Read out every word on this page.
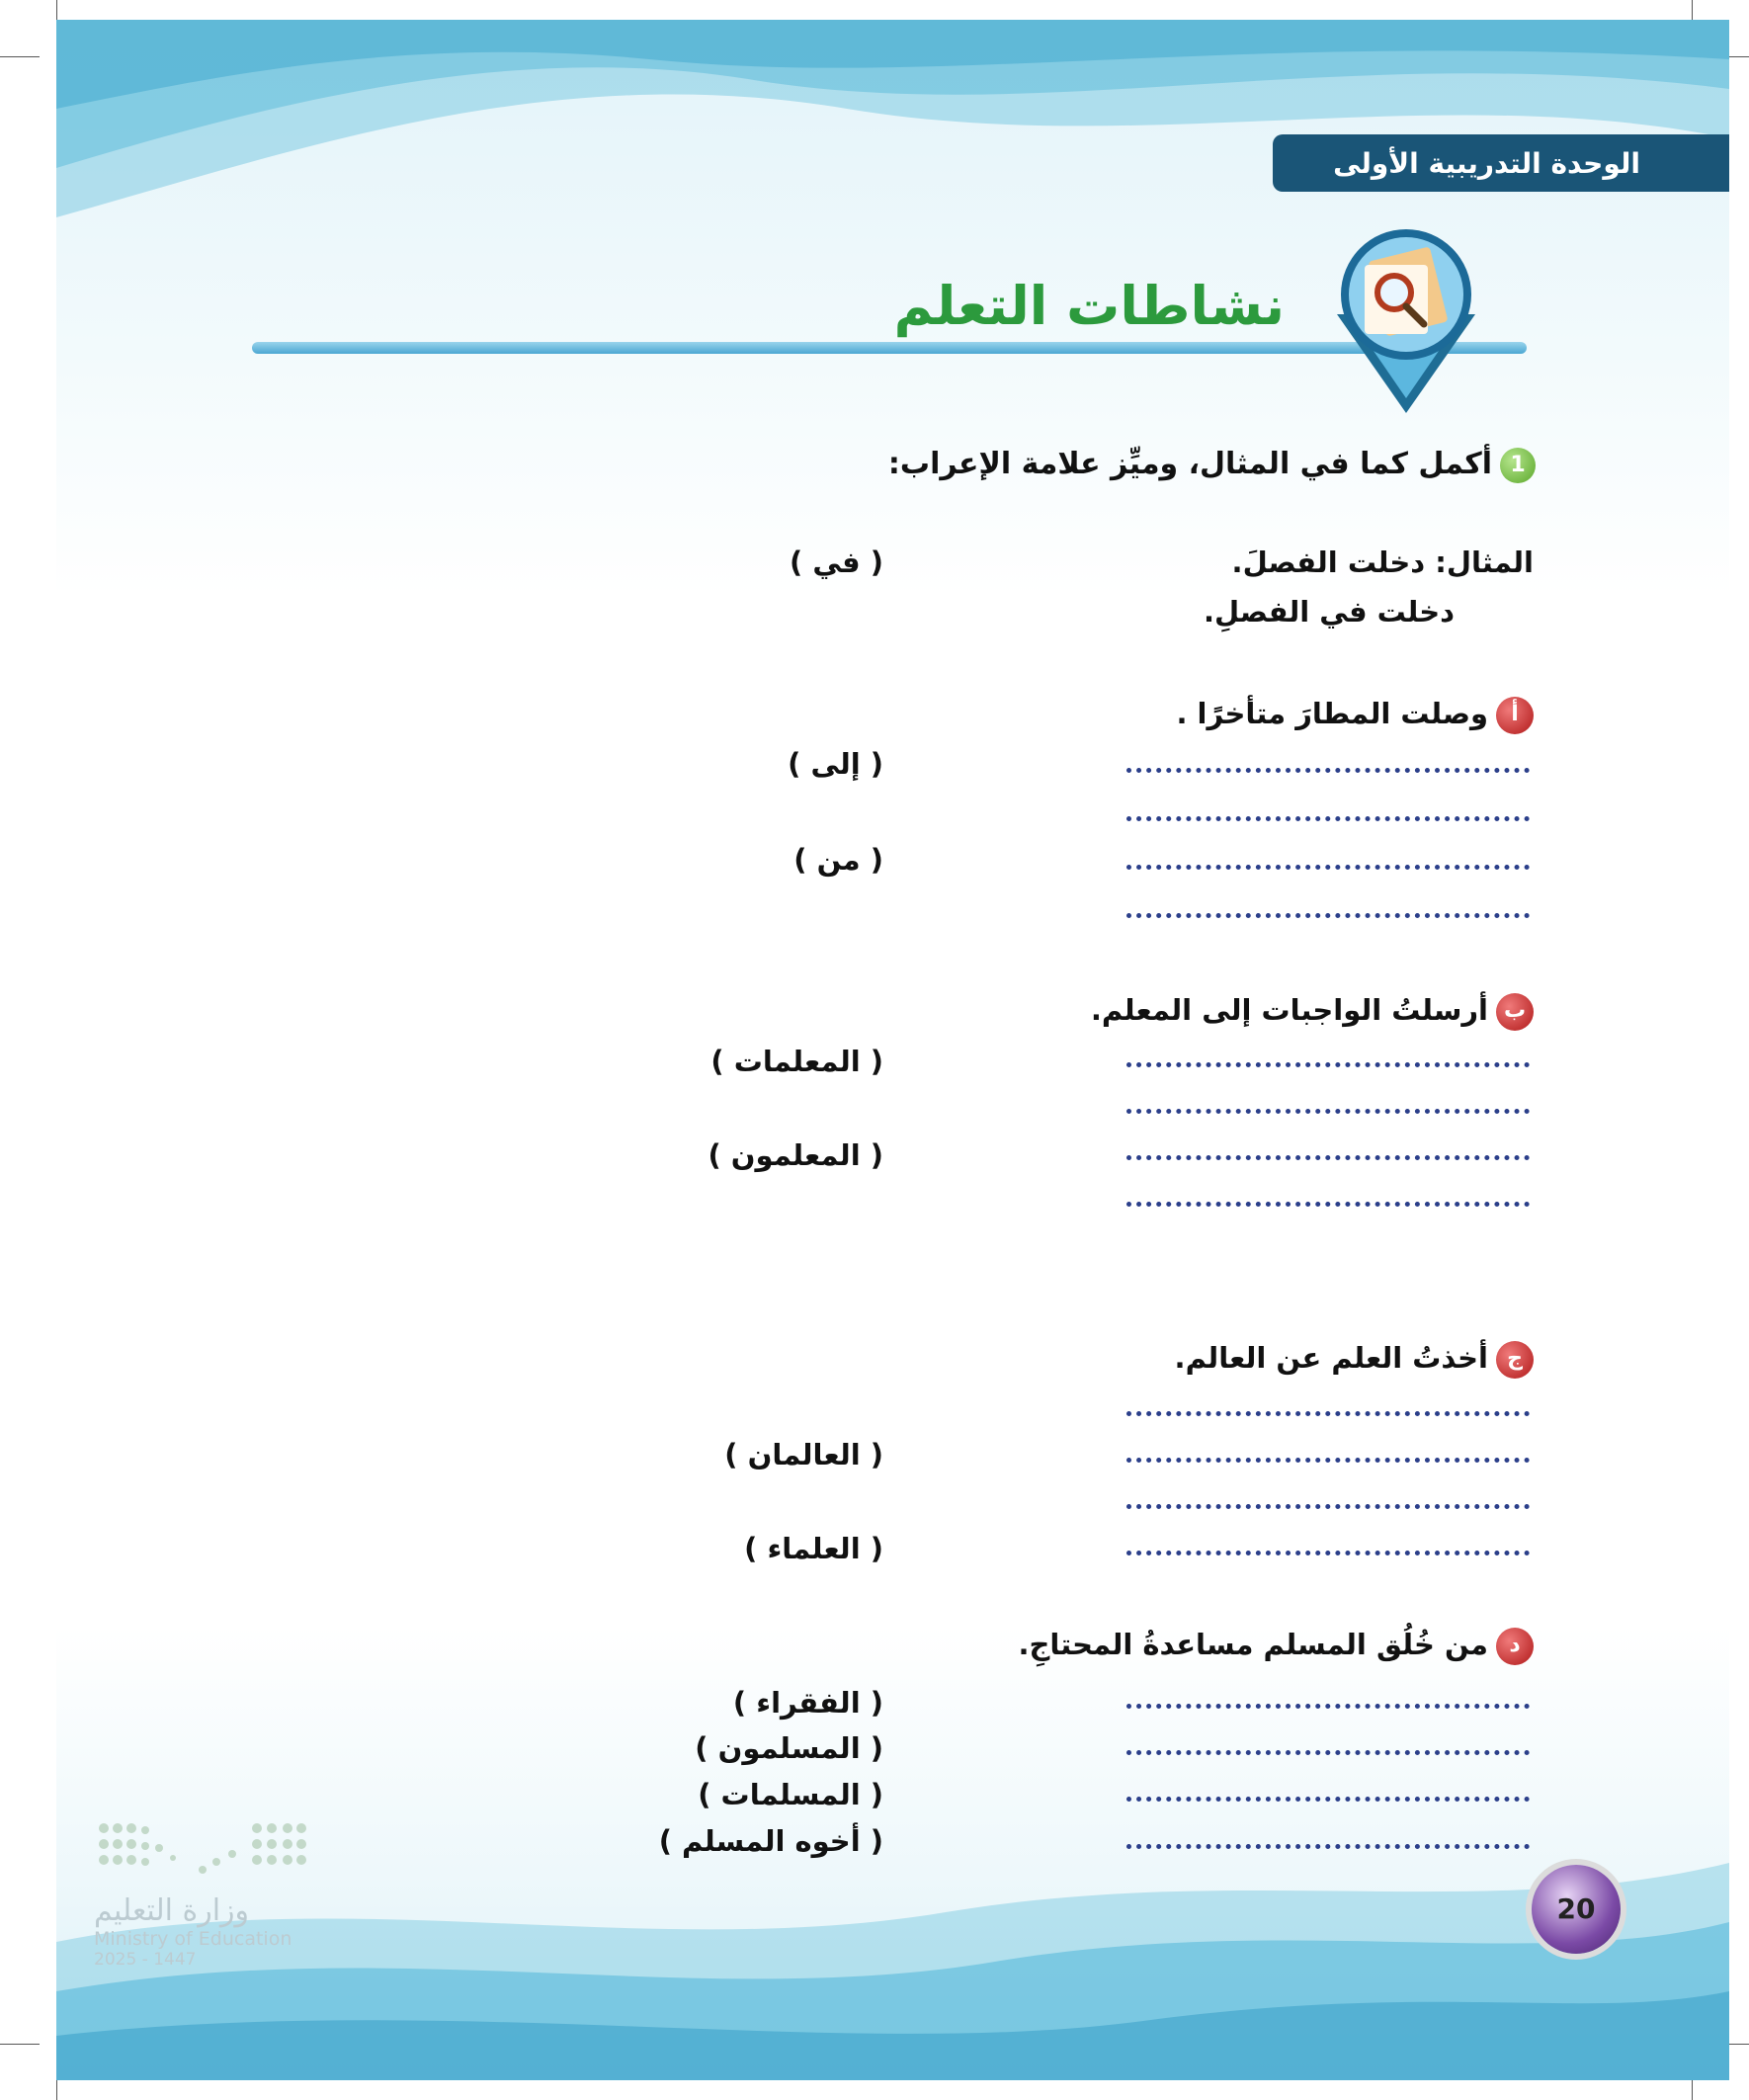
الوحدة التدريبية الأولى
نشاطات التعلم
1أكمل كما في المثال، وميِّز علامة الإعراب:
المثال: دخلت الفصلَ.
دخلت في الفصلِ.
( في )
أوصلت المطارَ متأخرًا .
( إلى )
( من )
بأرسلتُ الواجبات إلى المعلم.
( المعلمات )
( المعلمون )
جأخذتُ العلم عن العالم.
( العالمان )
( العلماء )
دمن خُلُق المسلم مساعدةُ المحتاجِ.
( الفقراء )
( المسلمون )
( المسلمات )
( أخوه المسلم )
وزارة التعليم
Ministry of Education
2025 - 1447
20
